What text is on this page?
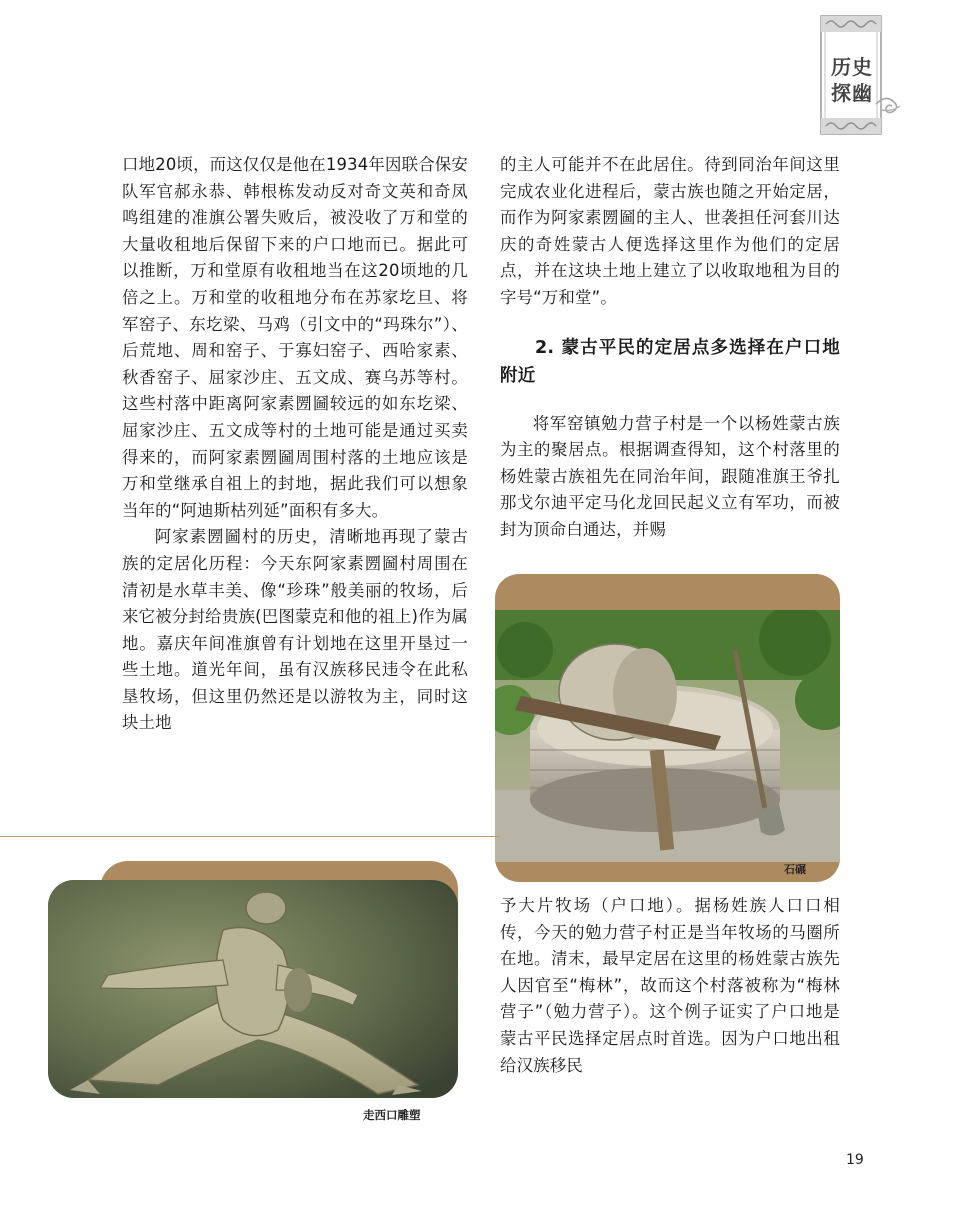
历史探幽

口地20顷，而这仅仅是他在1934年因联合保安队军官郝永恭、韩根栋发动反对奇文英和奇凤鸣组建的准旗公署失败后，被没收了万和堂的大量收租地后保留下来的户口地而已。据此可以推断，万和堂原有收租地当在这20顷地的几倍之上。万和堂的收租地分布在苏家圪旦、将军窑子、东圪梁、马鸡（引文中的“玛珠尔”）、后荒地、周和窑子、于寡妇窑子、西哈家素、秋香窑子、屈家沙庄、五文成、赛乌苏等村。这些村落中距离阿家素圐圙较远的如东圪梁、屈家沙庄、五文成等村的土地可能是通过买卖得来的，而阿家素圐圙周围村落的土地应该是万和堂继承自祖上的封地，据此我们可以想象当年的“阿迪斯枯列延”面积有多大。

阿家素圐圙村的历史，清晰地再现了蒙古族的定居化历程：今天东阿家素圐圙村周围在清初是水草丰美、像“珍珠”般美丽的牧场，后来它被分封给贵族(巴图蒙克和他的祖上)作为属地。嘉庆年间准旗曾有计划地在这里开垦过一些土地。道光年间，虽有汉族移民违令在此私垦牧场，但这里仍然还是以游牧为主，同时这块土地

的主人可能并不在此居住。待到同治年间这里完成农业化进程后，蒙古族也随之开始定居，而作为阿家素圐圙的主人、世袭担任河套川达庆的奇姓蒙古人便选择这里作为他们的定居点，并在这块土地上建立了以收取地租为目的字号“万和堂”。

2. 蒙古平民的定居点多选择在户口地附近

将军窑镇勉力营子村是一个以杨姓蒙古族为主的聚居点。根据调查得知，这个村落里的杨姓蒙古族祖先在同治年间，跟随准旗王爷扎那戈尔迪平定马化龙回民起义立有军功，而被封为顶命白通达，并赐

石碾

予大片牧场（户口地）。据杨姓族人口口相传，今天的勉力营子村正是当年牧场的马圈所在地。清末，最早定居在这里的杨姓蒙古族先人因官至“梅林”，故而这个村落被称为“梅林营子”（勉力营子）。这个例子证实了户口地是蒙古平民选择定居点时首选。因为户口地出租给汉族移民

走西口雕塑
19
